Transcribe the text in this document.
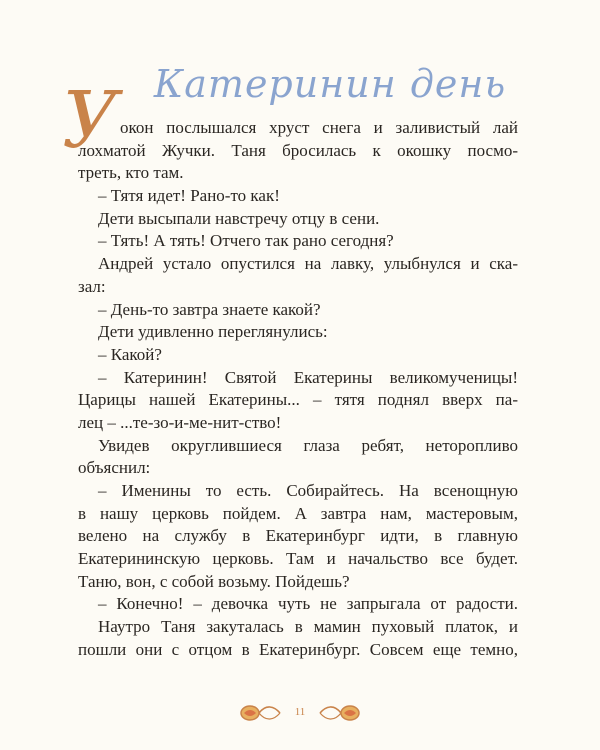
Катеринин день
У окон послышался хруст снега и заливистый лай
лохматой Жучки. Таня бросилась к окошку посмо-
треть, кто там.
– Тятя идет! Рано-то как!
Дети высыпали навстречу отцу в сени.
– Тять! А тять! Отчего так рано сегодня?
Андрей устало опустился на лавку, улыбнулся и ска-
зал:
– День-то завтра знаете какой?
Дети удивленно переглянулись:
– Какой?
– Катеринин! Святой Екатерины великомученицы!
Царицы нашей Екатерины... – тятя поднял вверх па-
лец – ...те-зо-и-ме-нит-ство!
Увидев округлившиеся глаза ребят, неторопливо
объяснил:
– Именины то есть. Собирайтесь. На всенощную
в нашу церковь пойдем. А завтра нам, мастеровым,
велено на службу в Екатеринбург идти, в главную
Екатерининскую церковь. Там и начальство все будет.
Таню, вон, с собой возьму. Пойдешь?
– Конечно! – девочка чуть не запрыгала от радости.
Наутро Таня закуталась в мамин пуховый платок, и
пошли они с отцом в Екатеринбург. Совсем еще темно,
11
